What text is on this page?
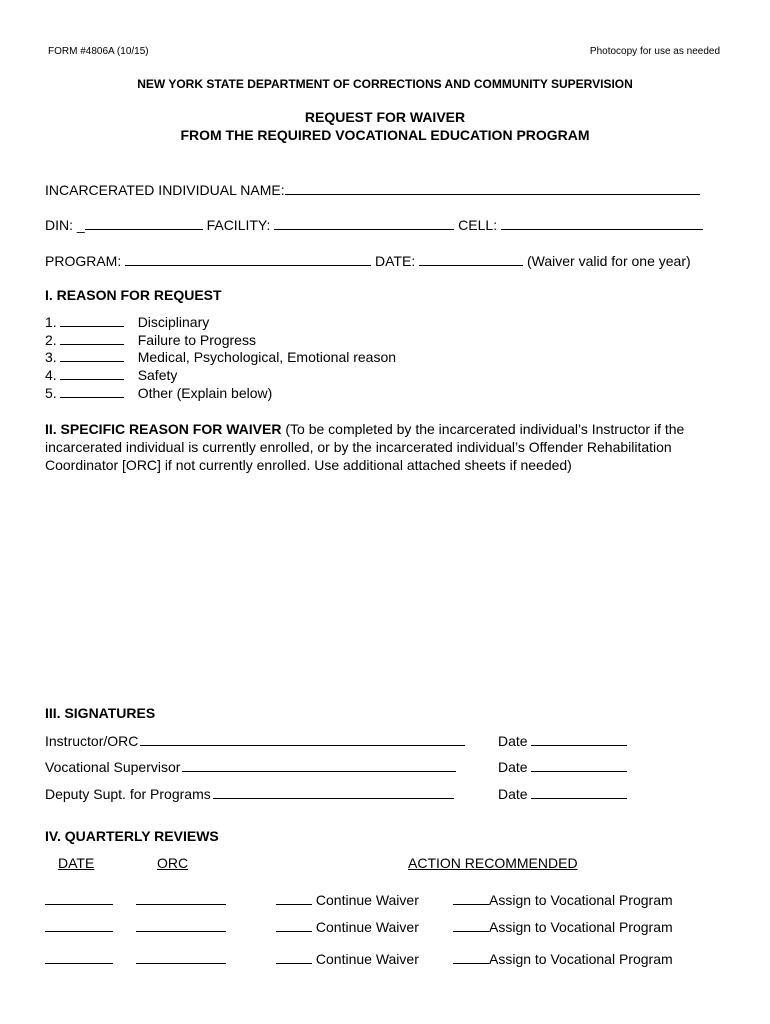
FORM #4806A (10/15)	Photocopy for use as needed
NEW YORK STATE DEPARTMENT OF CORRECTIONS AND COMMUNITY SUPERVISION
REQUEST FOR WAIVER
FROM THE REQUIRED VOCATIONAL EDUCATION PROGRAM
INCARCERATED INDIVIDUAL NAME:
DIN: _	FACILITY:	CELL:
PROGRAM:	DATE:	(Waiver valid for one year)
I. REASON FOR REQUEST
1.	Disciplinary
2.	Failure to Progress
3.	Medical, Psychological, Emotional reason
4.	Safety
5.	Other (Explain below)
II. SPECIFIC REASON FOR WAIVER (To be completed by the incarcerated individual’s Instructor if the incarcerated individual is currently enrolled, or by the incarcerated individual’s Offender Rehabilitation Coordinator [ORC] if not currently enrolled. Use additional attached sheets if needed)
III. SIGNATURES
Instructor/ORC	Date
Vocational Supervisor	Date
Deputy Supt. for Programs	Date
IV. QUARTERLY REVIEWS
DATE	ORC	ACTION RECOMMENDED
Continue Waiver	Assign to Vocational Program
Continue Waiver	Assign to Vocational Program
Continue Waiver	Assign to Vocational Program
